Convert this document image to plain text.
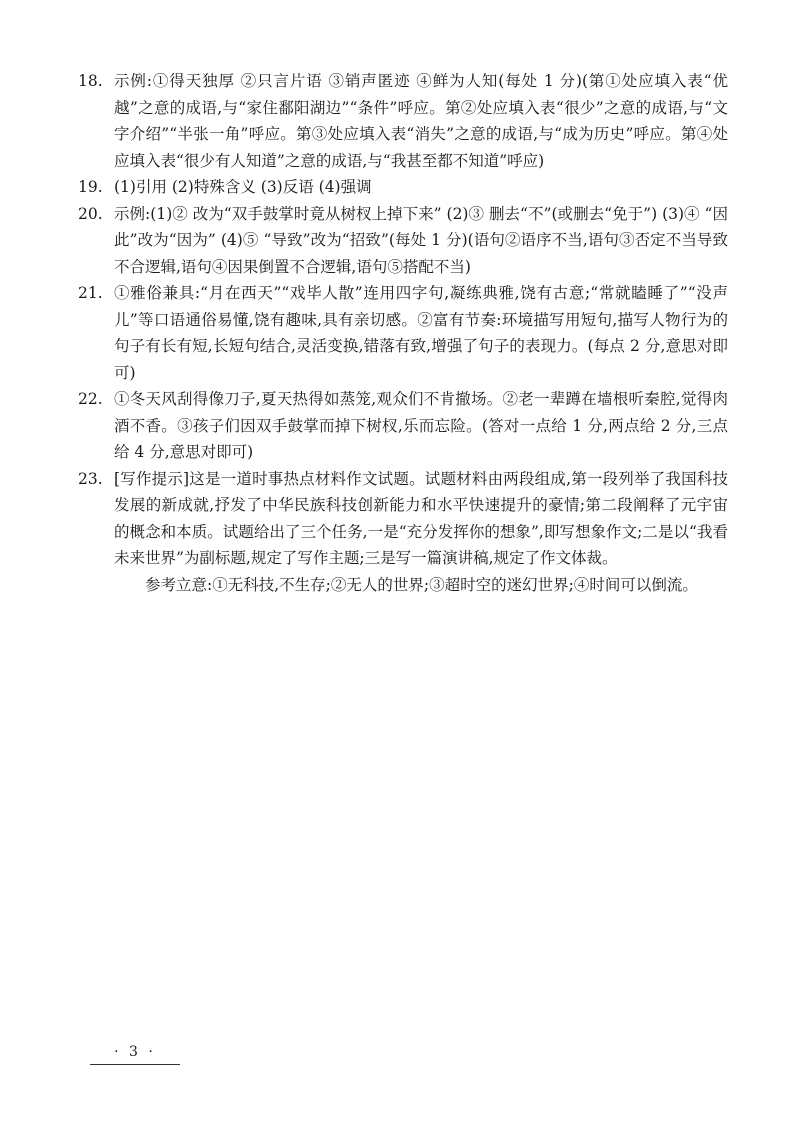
18. 示例:①得天独厚 ②只言片语 ③销声匿迹 ④鲜为人知(每处 1 分)(第①处应填入表“优越”之意的成语,与“家住鄱阳湖边”“条件”呼应。第②处应填入表“很少”之意的成语,与“文字介绍”“半张一角”呼应。第③处应填入表“消失”之意的成语,与“成为历史”呼应。第④处应填入表“很少有人知道”之意的成语,与“我甚至都不知道”呼应)
19. (1)引用 (2)特殊含义 (3)反语 (4)强调
20. 示例:(1)② 改为“双手鼓掌时竟从树杈上掉下来” (2)③ 删去“不”(或删去“免于”) (3)④ “因此”改为“因为” (4)⑤ “导致”改为“招致”(每处 1 分)(语句②语序不当,语句③否定不当导致不合逻辑,语句④因果倒置不合逻辑,语句⑤搭配不当)
21. ①雅俗兼具:“月在西天”“戏毕人散”连用四字句,凝练典雅,饶有古意;“常就瞌睡了”“没声儿”等口语通俗易懂,饶有趣味,具有亲切感。②富有节奏:环境描写用短句,描写人物行为的句子有长有短,长短句结合,灵活变换,错落有致,增强了句子的表现力。(每点 2 分,意思对即可)
22. ①冬天风刮得像刀子,夏天热得如蒸笼,观众们不肯撤场。②老一辈蹲在墙根听秦腔,觉得肉酒不香。③孩子们因双手鼓掌而掉下树杈,乐而忘险。(答对一点给 1 分,两点给 2 分,三点给 4 分,意思对即可)
23. [写作提示]这是一道时事热点材料作文试题。试题材料由两段组成,第一段列举了我国科技发展的新成就,抒发了中华民族科技创新能力和水平快速提升的豪情;第二段阐释了元宇宙的概念和本质。试题给出了三个任务,一是“充分发挥你的想象”,即写想象作文;二是以“我看未来世界”为副标题,规定了写作主题;三是写一篇演讲稿,规定了作文体裁。

参考立意:①无科技,不生存;②无人的世界;③超时空的迷幻世界;④时间可以倒流。

· 3 ·
